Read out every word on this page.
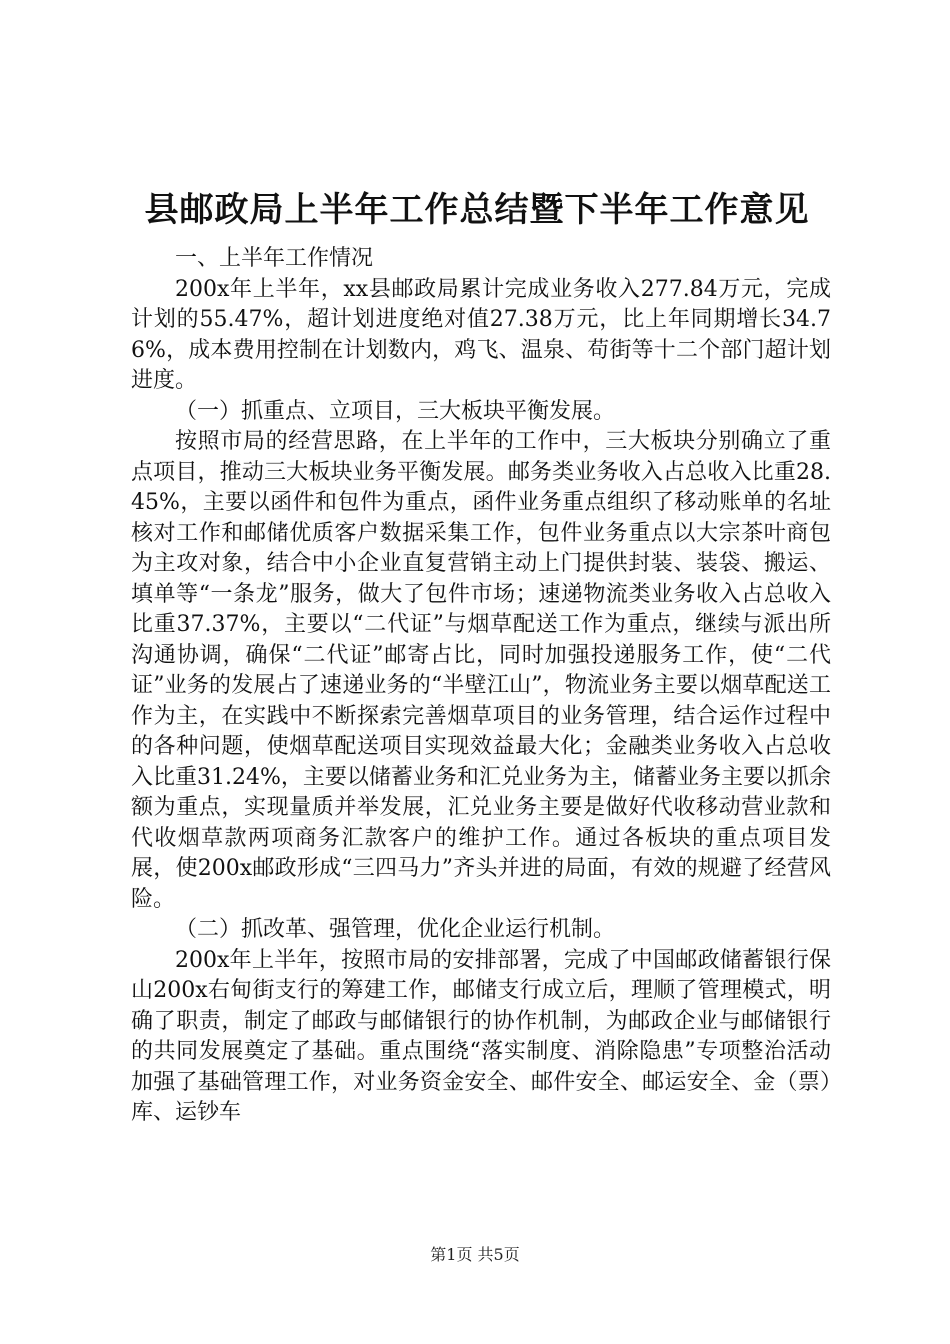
县邮政局上半年工作总结暨下半年工作意见

一、上半年工作情况

200x年上半年，xx县邮政局累计完成业务收入277.84万元，完成计划的55.47%，超计划进度绝对值27.38万元，比上年同期增长34.76%，成本费用控制在计划数内，鸡飞、温泉、苟街等十二个部门超计划进度。

（一）抓重点、立项目，三大板块平衡发展。

按照市局的经营思路，在上半年的工作中，三大板块分别确立了重点项目，推动三大板块业务平衡发展。邮务类业务收入占总收入比重28.45%，主要以函件和包件为重点，函件业务重点组织了移动账单的名址核对工作和邮储优质客户数据采集工作，包件业务重点以大宗茶叶商包为主攻对象，结合中小企业直复营销主动上门提供封装、装袋、搬运、填单等“一条龙”服务，做大了包件市场；速递物流类业务收入占总收入比重37.37%，主要以“二代证”与烟草配送工作为重点，继续与派出所沟通协调，确保“二代证”邮寄占比，同时加强投递服务工作，使“二代证”业务的发展占了速递业务的“半壁江山”，物流业务主要以烟草配送工作为主，在实践中不断探索完善烟草项目的业务管理，结合运作过程中的各种问题，使烟草配送项目实现效益最大化；金融类业务收入占总收入比重31.24%，主要以储蓄业务和汇兑业务为主，储蓄业务主要以抓余额为重点，实现量质并举发展，汇兑业务主要是做好代收移动营业款和代收烟草款两项商务汇款客户的维护工作。通过各板块的重点项目发展，使200x邮政形成“三四马力”齐头并进的局面，有效的规避了经营风险。

（二）抓改革、强管理，优化企业运行机制。

200x年上半年，按照市局的安排部署，完成了中国邮政储蓄银行保山200x右甸街支行的筹建工作，邮储支行成立后，理顺了管理模式，明确了职责，制定了邮政与邮储银行的协作机制，为邮政企业与邮储银行的共同发展奠定了基础。重点围绕“落实制度、消除隐患”专项整治活动加强了基础管理工作，对业务资金安全、邮件安全、邮运安全、金（票）库、运钞车

第1页 共5页
